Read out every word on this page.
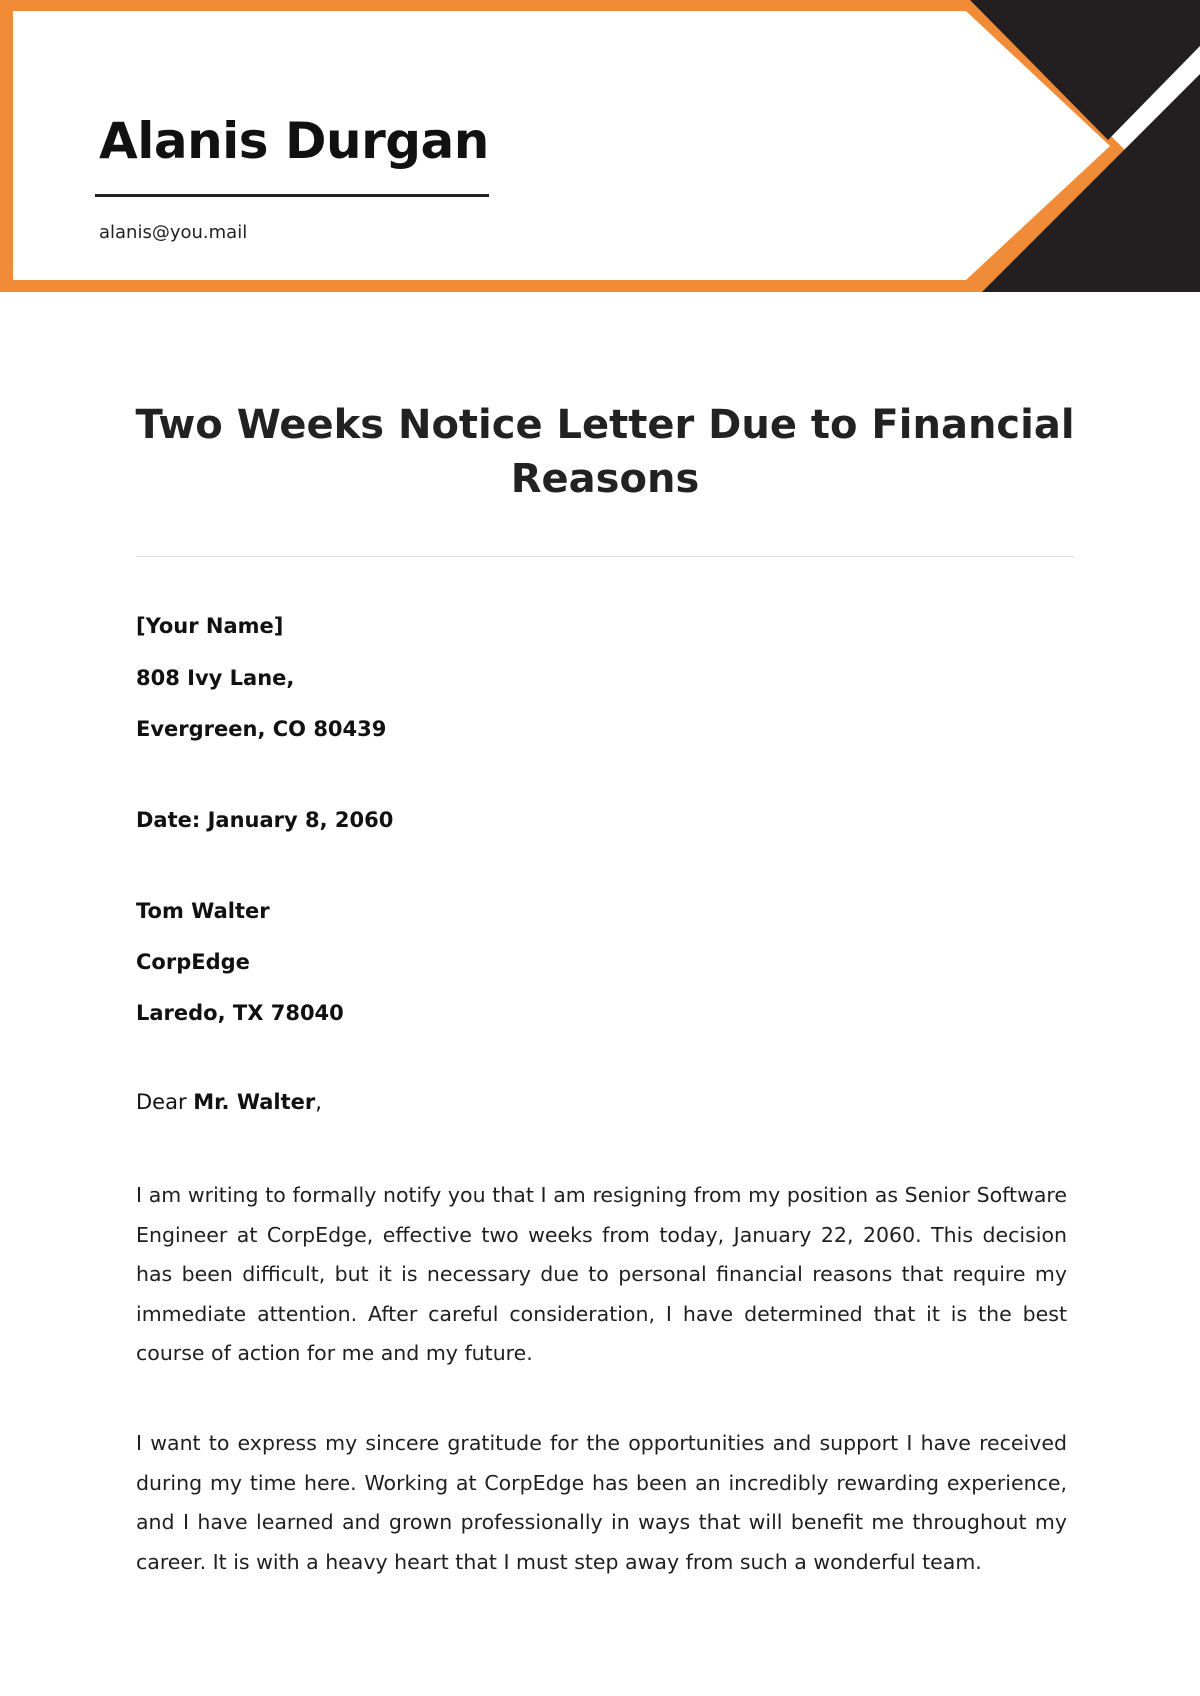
Alanis Durgan
alanis@you.mail
Two Weeks Notice Letter Due to Financial Reasons

[Your Name]

808 Ivy Lane,

Evergreen, CO 80439

Date: January 8, 2060

Tom Walter

CorpEdge

Laredo, TX 78040

Dear Mr. Walter,

I am writing to formally notify you that I am resigning from my position as Senior Software Engineer at CorpEdge, effective two weeks from today, January 22, 2060. This decision has been difficult, but it is necessary due to personal financial reasons that require my immediate attention. After careful consideration, I have determined that it is the best course of action for me and my future.

I want to express my sincere gratitude for the opportunities and support I have received during my time here. Working at CorpEdge has been an incredibly rewarding experience, and I have learned and grown professionally in ways that will benefit me throughout my career. It is with a heavy heart that I must step away from such a wonderful team.
